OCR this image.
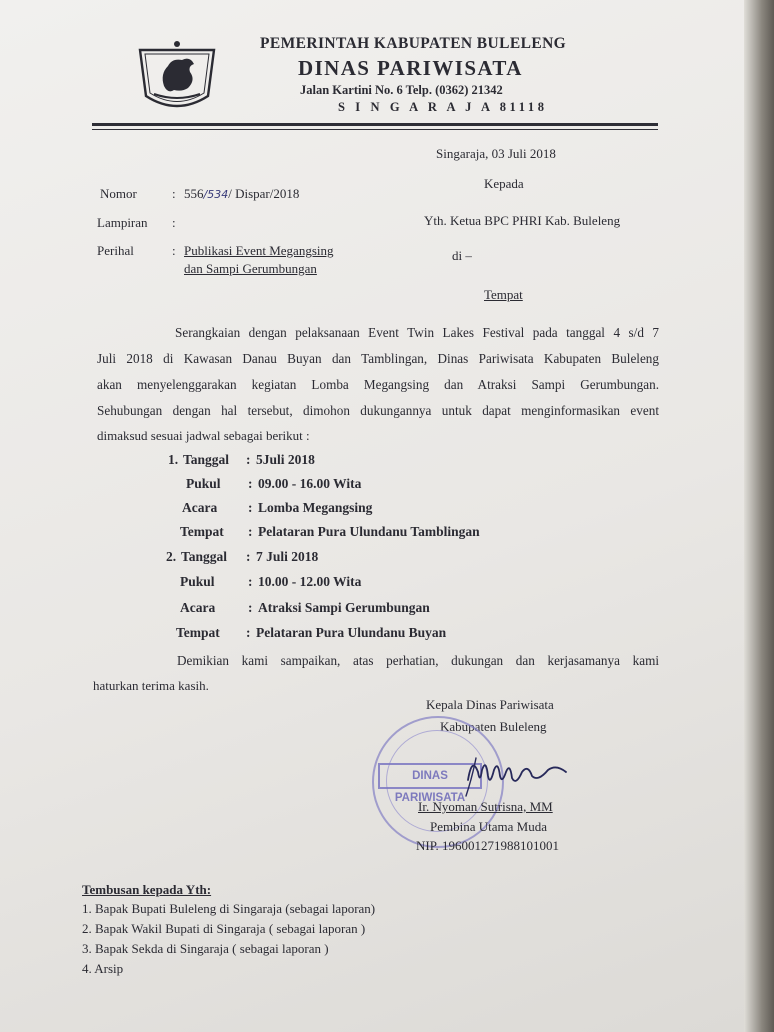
PEMERINTAH KABUPATEN BULELENG
DINAS PARIWISATA
Jalan Kartini No. 6 Telp. (0362) 21342
S I N G A R A J A 81118
Singaraja, 03 Juli 2018
Kepada
Yth. Ketua BPC PHRI Kab. Buleleng
di –
Tempat
Nomor	: 556/534/ Dispar/2018
Lampiran :
Perihal	: Publikasi Event Megangsing
dan Sampi Gerumbungan
Serangkaian dengan pelaksanaan Event Twin Lakes Festival pada tanggal 4 s/d 7
Juli 2018 di Kawasan Danau Buyan dan Tamblingan, Dinas Pariwisata Kabupaten Buleleng
akan menyelenggarakan kegiatan Lomba Megangsing dan Atraksi Sampi Gerumbungan.
Sehubungan dengan hal tersebut, dimohon dukungannya untuk dapat menginformasikan event
dimaksud sesuai jadwal sebagai berikut :
1. Tanggal : 5Juli 2018
Pukul : 09.00 - 16.00 Wita
Acara : Lomba Megangsing
Tempat : Pelataran Pura Ulundanu Tamblingan
2. Tanggal : 7 Juli 2018
Pukul : 10.00 - 12.00 Wita
Acara : Atraksi Sampi Gerumbungan
Tempat : Pelataran Pura Ulundanu Buyan
Demikian kami sampaikan, atas perhatian, dukungan dan kerjasamanya kami
haturkan terima kasih.
Kepala Dinas Pariwisata
Kabupaten Buleleng
DINAS PARIWISATA
Ir. Nyoman Sutrisna, MM
Pembina Utama Muda
NIP. 196001271988101001
Tembusan kepada Yth:
1. Bapak Bupati Buleleng di Singaraja (sebagai laporan)
2. Bapak Wakil Bupati di Singaraja ( sebagai laporan )
3. Bapak Sekda di Singaraja ( sebagai laporan )
4. Arsip
